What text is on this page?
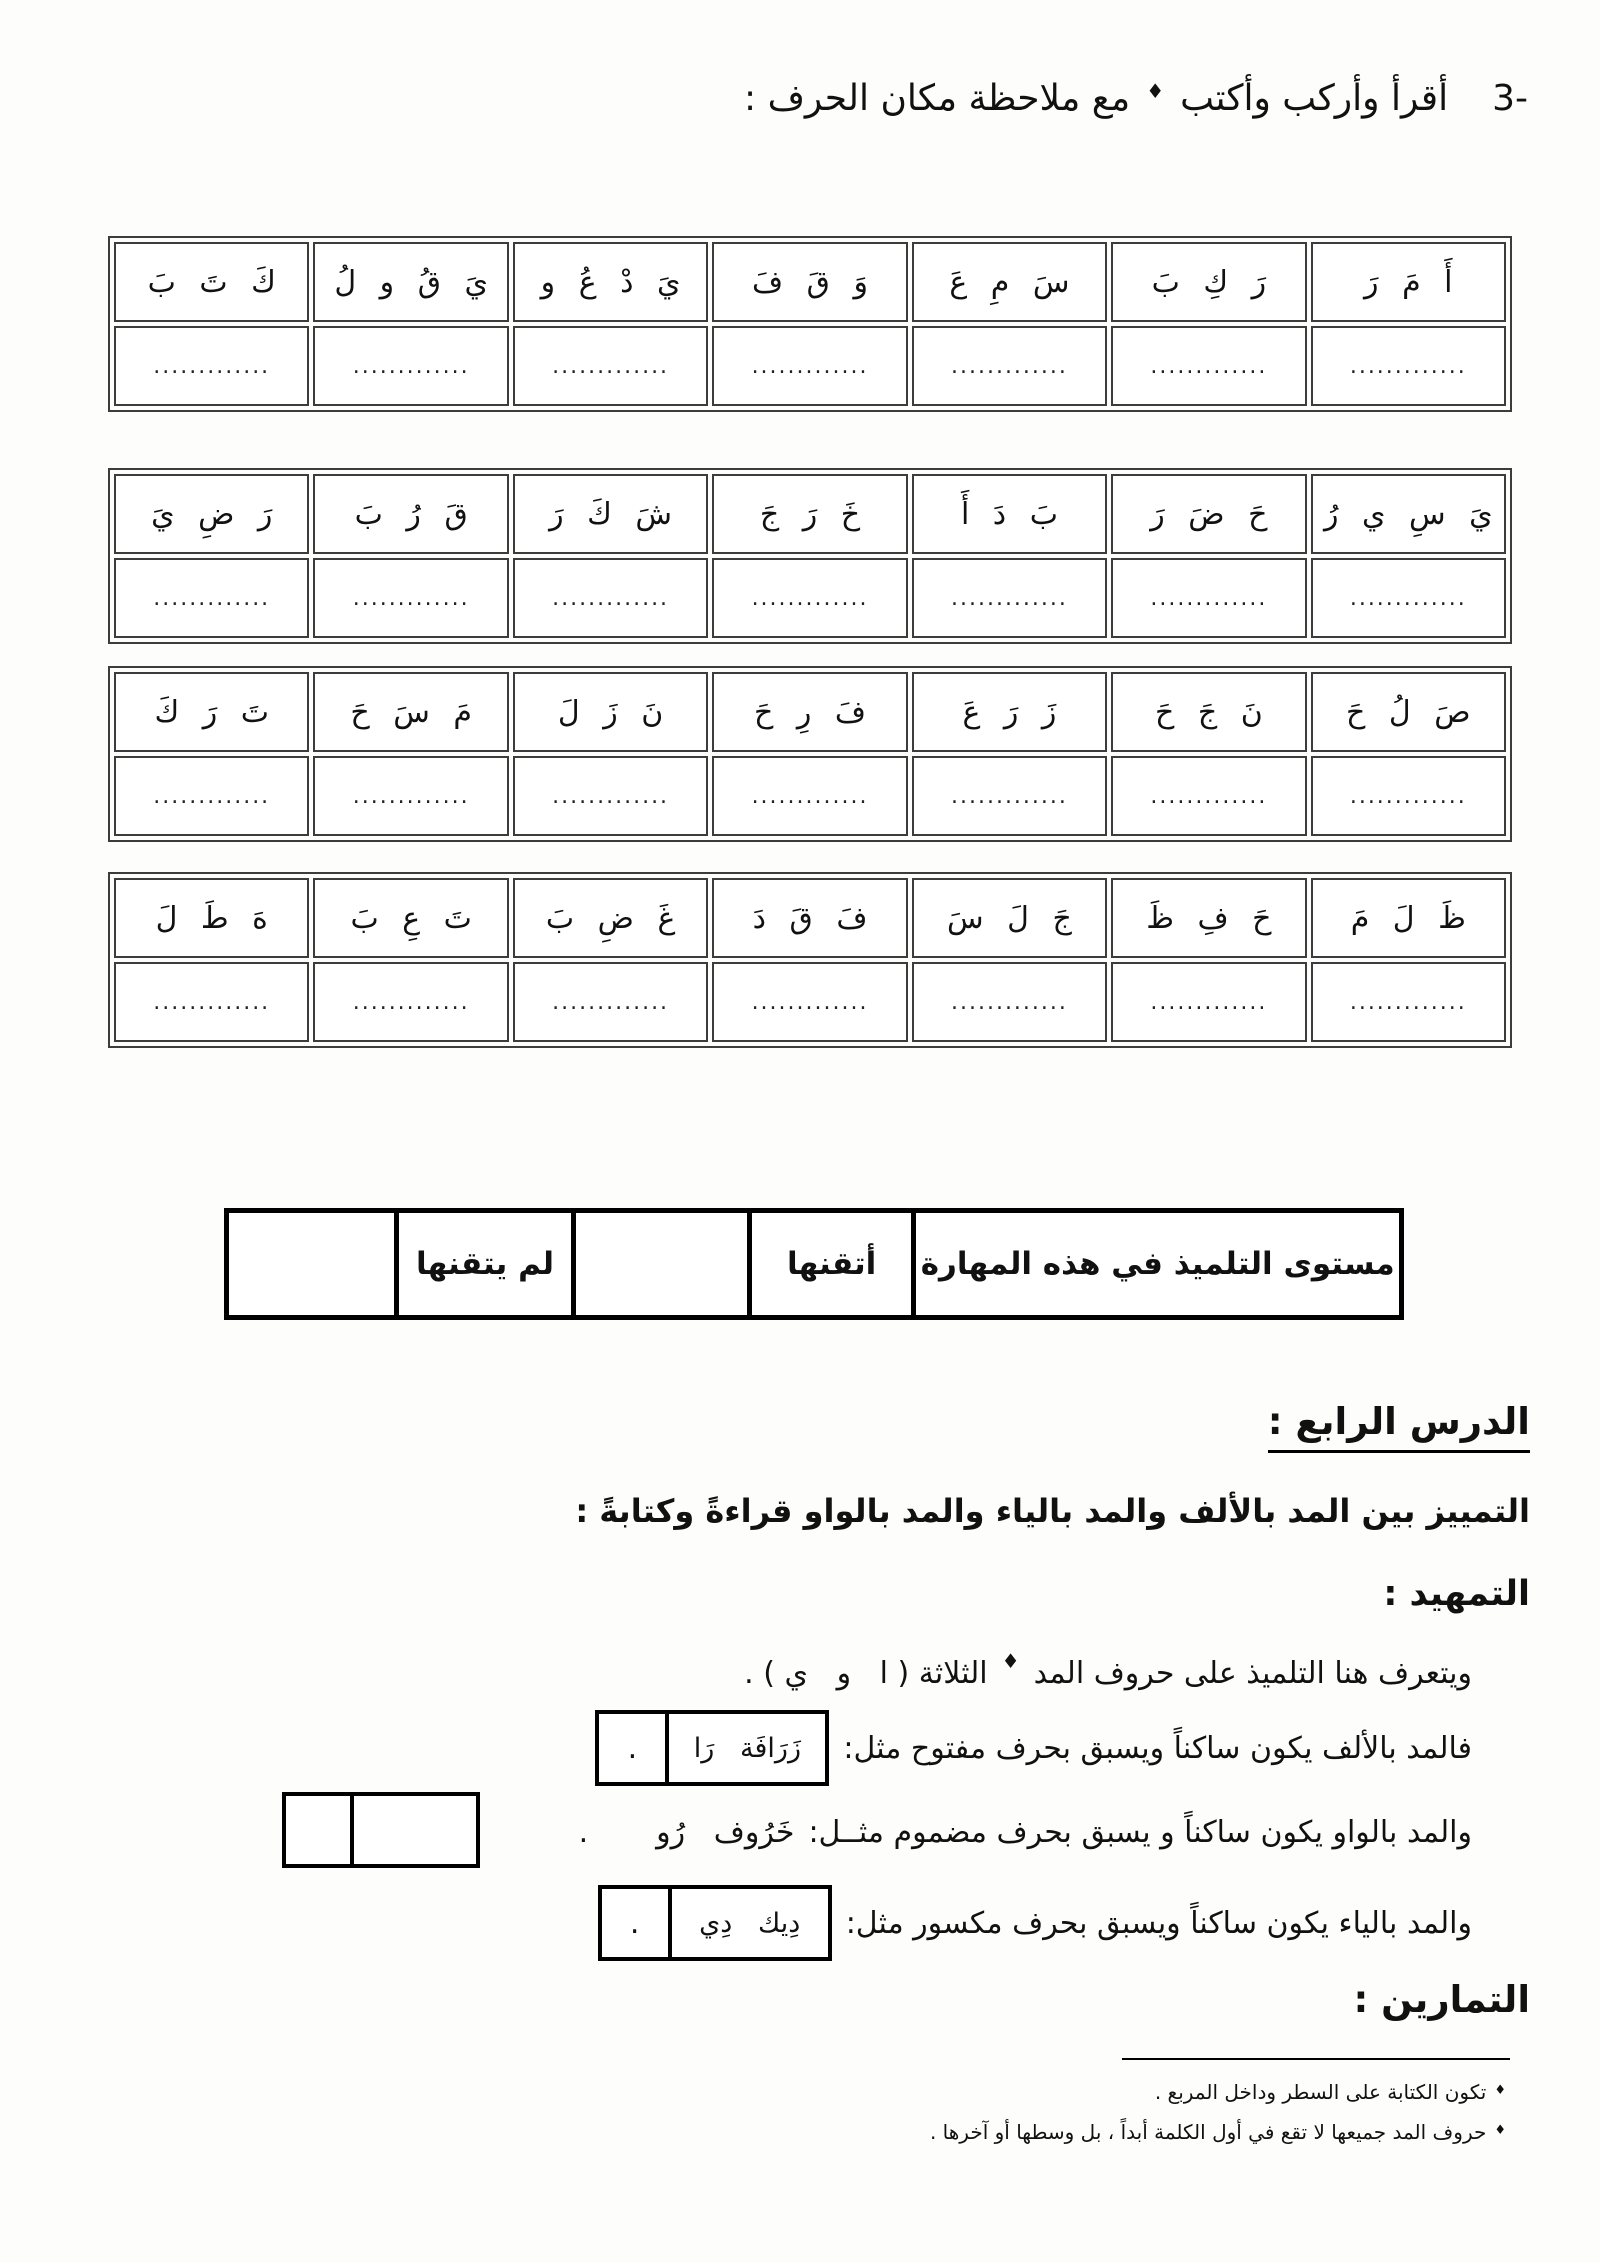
3-
أقرأ وأركب وأكتب
♦
مع ملاحظة مكان الحرف :
أَ مَ رَ	رَ كِ بَ	سَ مِ عَ	وَ قَ فَ	يَ دْ عُ و	يَ قُ و لُ	كَ تَ بَ
.............	.............	.............	.............	.............	.............	.............
يَ سِ ي رُ	حَ ضَ رَ	بَ دَ أَ	خَ رَ جَ	شَ كَ رَ	قَ رُ بَ	رَ ضِ يَ
.............	.............	.............	.............	.............	.............	.............
صَ لُ حَ	نَ جَ حَ	زَ رَ عَ	فَ رِ حَ	نَ زَ لَ	مَ سَ حَ	تَ رَ كَ
.............	.............	.............	.............	.............	.............	.............
ظَ لَ مَ	حَ فِ ظَ	جَ لَ سَ	فَ قَ دَ	غَ ضِ بَ	تَ عِ بَ	هَ طَ لَ
.............	.............	.............	.............	.............	.............	.............
مستوى التلميذ في هذه المهارة	أتقنها		لم يتقنها	
الدرس الرابع :
التمييز بين المد بالألف والمد بالياء والمد بالواو قراءةً وكتابةً :
التمهيد :
ويتعرف هنا التلميذ على حروف المد
♦
الثلاثة ( ا   و   ي ) .
فالمد بالألف يكون ساكناً ويسبق بحرف مفتوح مثل:
زَرَافَة   رَا
.
والمد بالواو يكون ساكناً و يسبق بحرف مضموم مثــل:
خَرُوف   رُو
.
والمد بالياء يكون ساكناً ويسبق بحرف مكسور مثل:
دِيك   دِي
.
التمارين :
♦
تكون الكتابة على السطر وداخل المربع .
♦
حروف المد جميعها لا تقع في أول الكلمة أبداً ، بل وسطها أو آخرها .
